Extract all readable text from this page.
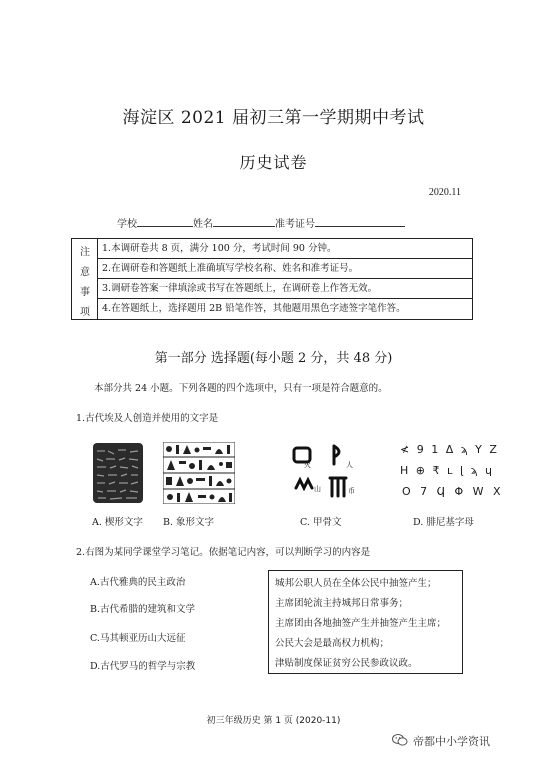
海淀区 2021 届初三第一学期期中考试
历史试卷
2020.11
学校	姓名	准考证号
注
意
事
项
1.本调研卷共 8 页，满分 100 分，考试时间 90 分钟。
2.在调研卷和答题纸上准确填写学校名称、姓名和准考证号。
3.调研卷答案一律填涂或书写在答题纸上，在调研卷上作答无效。
4.在答题纸上，选择题用 2B 铅笔作答，其他题用黑色字迹签字笔作答。
第一部分 选择题(每小题 2 分，共 48 分)
本部分共 24 小题。下列各题的四个选项中，只有一项是符合题意的。
1.古代埃及人创造并使用的文字是
A. 楔形文字 B. 象形文字
火
山
人
币
C. 甲骨文
≮ 9 1 Δ ϡ Y Z
H ⊕ ₹ ʟ ɭ ϡ ɥ
O 7 Ϥ Φ W X
D. 腓尼基字母
2.右图为某同学课堂学习笔记。依据笔记内容，可以判断学习的内容是
A.古代雅典的民主政治
B.古代希腊的建筑和文学
C.马其顿亚历山大远征
D.古代罗马的哲学与宗教
城邦公职人员在全体公民中抽签产生；
主席团轮流主持城邦日常事务；
主席团由各地抽签产生并抽签产生主席；
公民大会是最高权力机构；
津贴制度保证贫穷公民参政议政。
初三年级历史 第 1 页 (2020-11)
帝都中小学资讯
